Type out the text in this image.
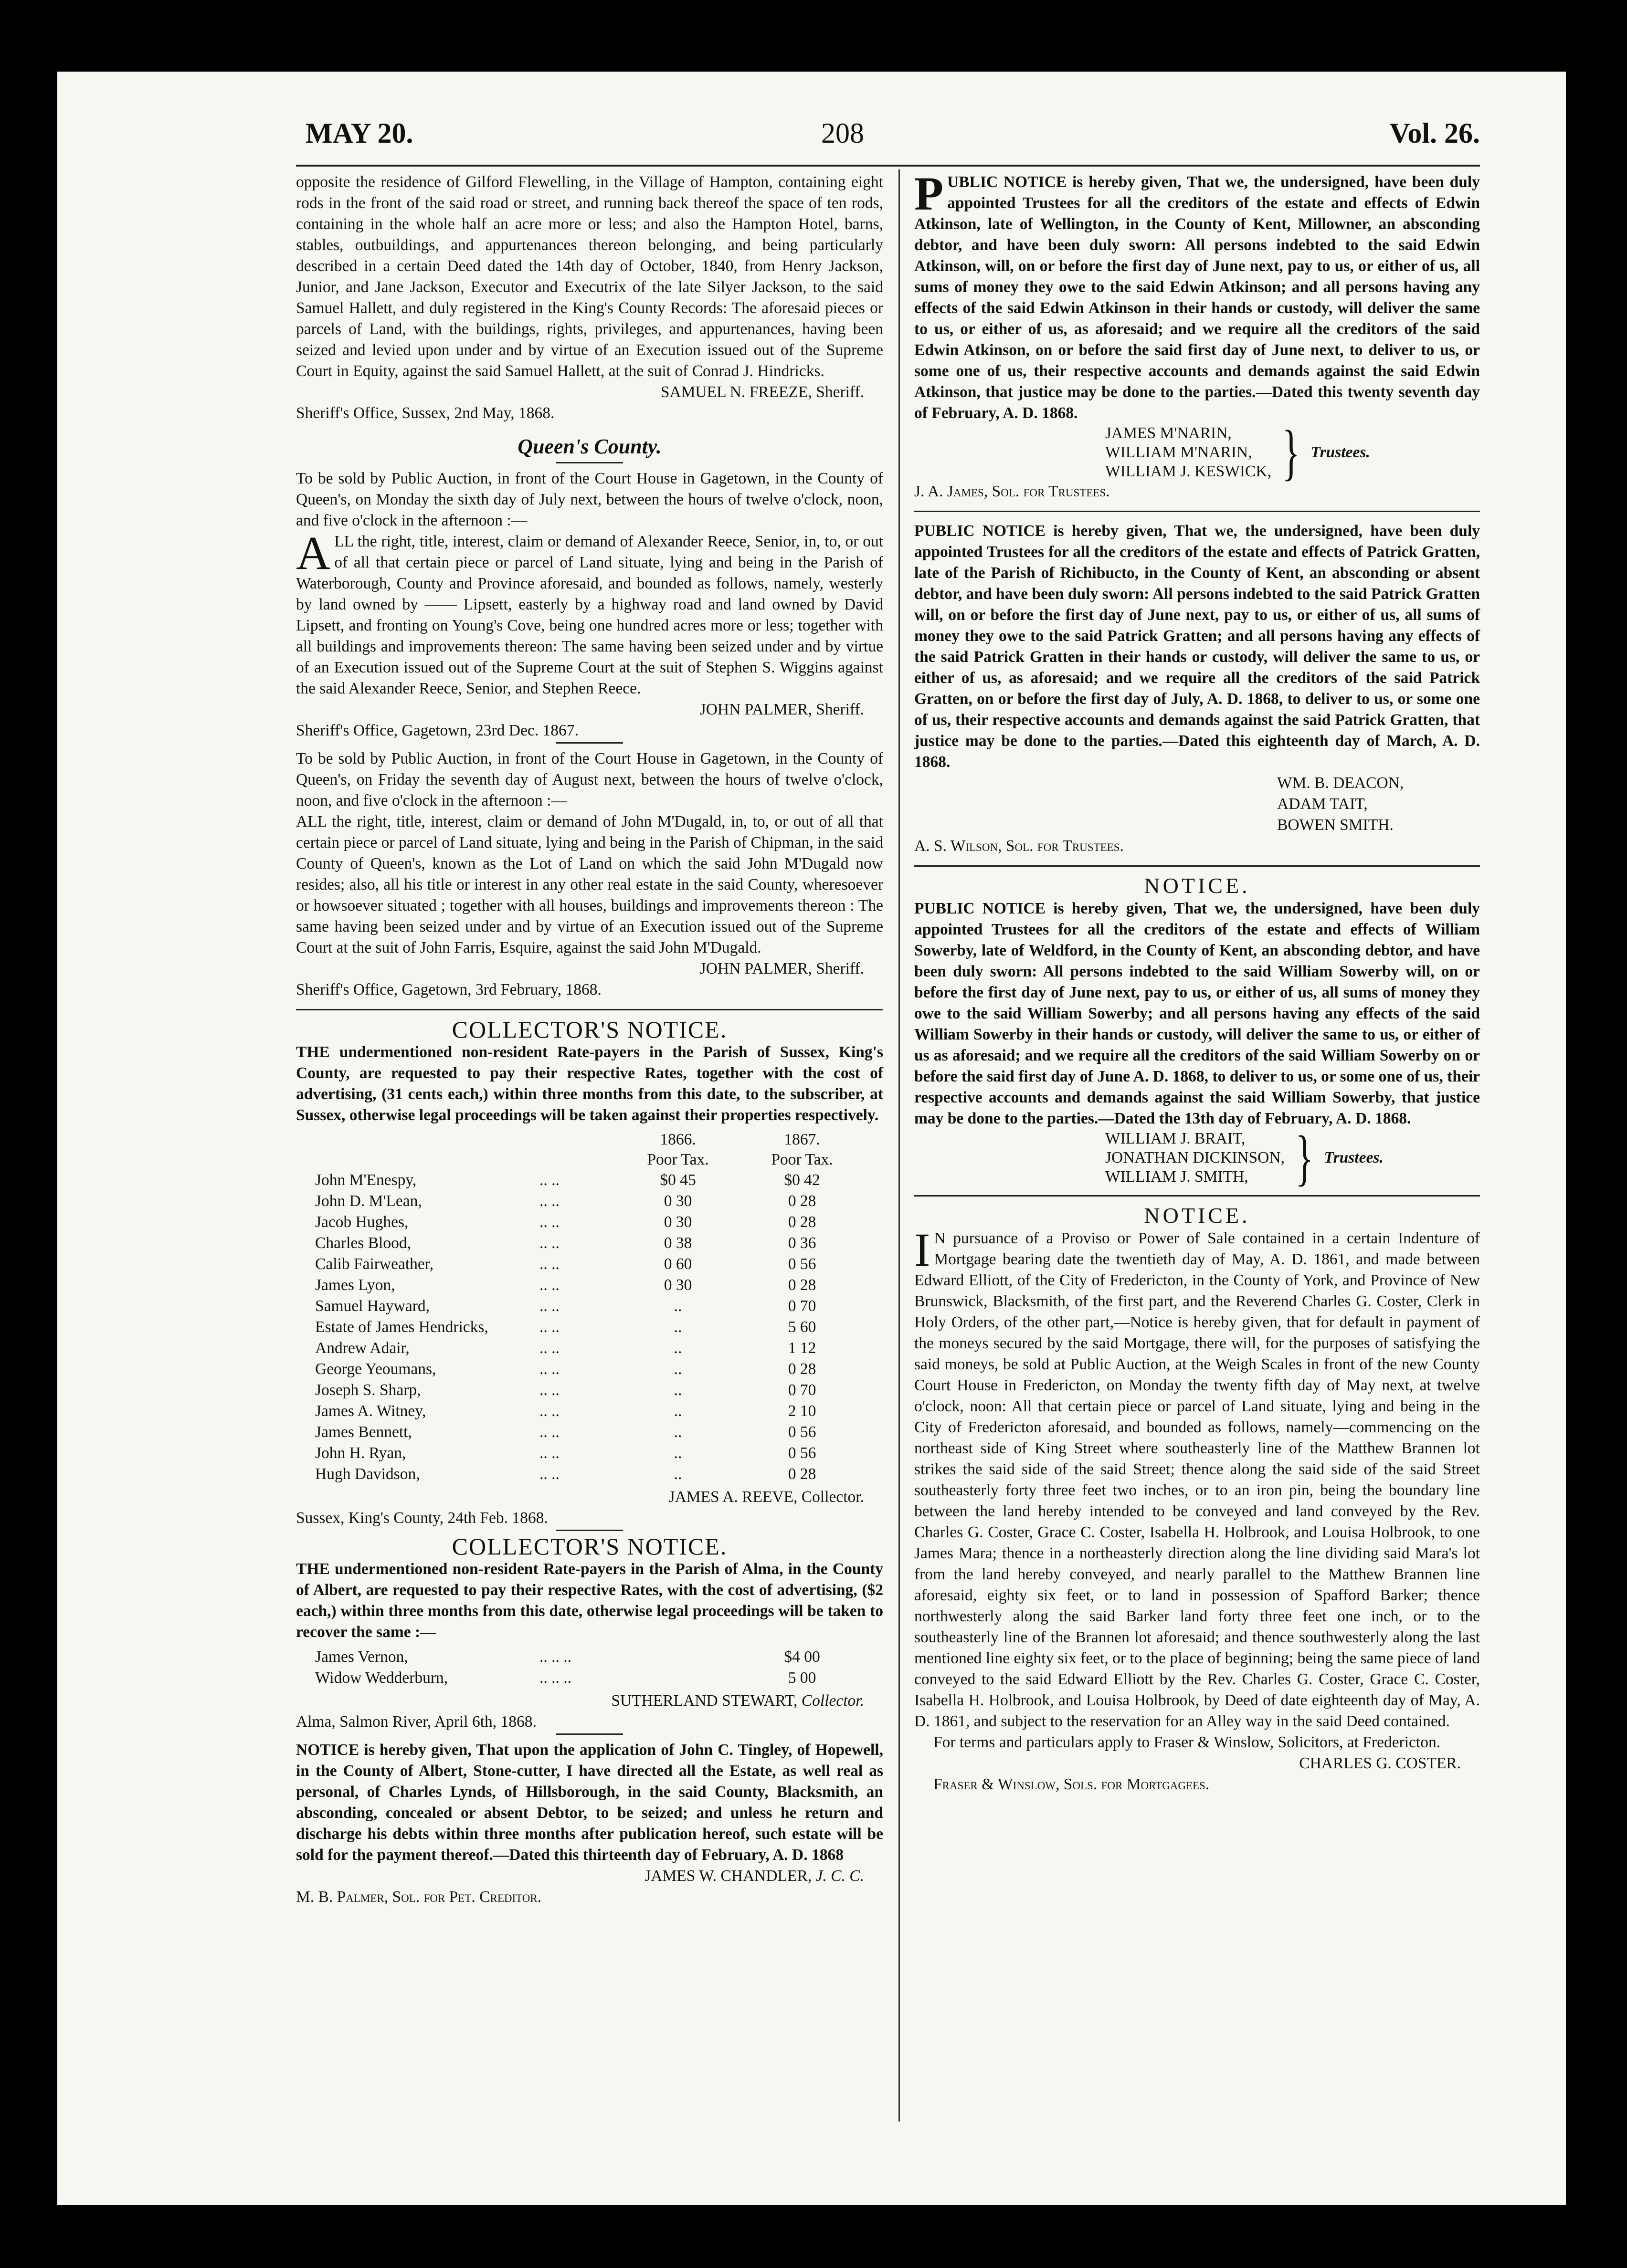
MAY 20.	208	Vol. 26.

opposite the residence of Gilford Flewelling, in the Village of Hampton, containing eight rods in the front of the said road or street, and running back thereof the space of ten rods, containing in the whole half an acre more or less; and also the Hampton Hotel, barns, stables, outbuildings, and appurtenances thereon belonging, and being particularly described in a certain Deed dated the 14th day of October, 1840, from Henry Jackson, Junior, and Jane Jackson, Executor and Executrix of the late Silyer Jackson, to the said Samuel Hallett, and duly registered in the King's County Records: The aforesaid pieces or parcels of Land, with the buildings, rights, privileges, and appurtenances, having been seized and levied upon under and by virtue of an Execution issued out of the Supreme Court in Equity, against the said Samuel Hallett, at the suit of Conrad J. Hindricks.

SAMUEL N. FREEZE, Sheriff.

Sheriff's Office, Sussex, 2nd May, 1868.

Queen's County.

To be sold by Public Auction, in front of the Court House in Gagetown, in the County of Queen's, on Monday the sixth day of July next, between the hours of twelve o'clock, noon, and five o'clock in the afternoon :—

ALL the right, title, interest, claim or demand of Alexander Reece, Senior, in, to, or out of all that certain piece or parcel of Land situate, lying and being in the Parish of Waterborough, County and Province aforesaid, and bounded as follows, namely, westerly by land owned by —— Lipsett, easterly by a highway road and land owned by David Lipsett, and fronting on Young's Cove, being one hundred acres more or less; together with all buildings and improvements thereon: The same having been seized under and by virtue of an Execution issued out of the Supreme Court at the suit of Stephen S. Wiggins against the said Alexander Reece, Senior, and Stephen Reece.

JOHN PALMER, Sheriff.

Sheriff's Office, Gagetown, 23rd Dec. 1867.

To be sold by Public Auction, in front of the Court House in Gagetown, in the County of Queen's, on Friday the seventh day of August next, between the hours of twelve o'clock, noon, and five o'clock in the afternoon :—

ALL the right, title, interest, claim or demand of John M'Dugald, in, to, or out of all that certain piece or parcel of Land situate, lying and being in the Parish of Chipman, in the said County of Queen's, known as the Lot of Land on which the said John M'Dugald now resides; also, all his title or interest in any other real estate in the said County, wheresoever or howsoever situated ; together with all houses, buildings and improvements thereon : The same having been seized under and by virtue of an Execution issued out of the Supreme Court at the suit of John Farris, Esquire, against the said John M'Dugald.

JOHN PALMER, Sheriff.

Sheriff's Office, Gagetown, 3rd February, 1868.

COLLECTOR'S NOTICE.

THE undermentioned non-resident Rate-payers in the Parish of Sussex, King's County, are requested to pay their respective Rates, together with the cost of advertising, (31 cents each,) within three months from this date, to the subscriber, at Sussex, otherwise legal proceedings will be taken against their properties respectively.

		1866.	1867.
		Poor Tax.	Poor Tax.
John M'Enespy,	.. ..	$0 45	$0 42
John D. M'Lean,	.. ..	0 30	0 28
Jacob Hughes,	.. ..	0 30	0 28
Charles Blood,	.. ..	0 38	0 36
Calib Fairweather,	.. ..	0 60	0 56
James Lyon,	.. ..	0 30	0 28
Samuel Hayward,	.. ..	..	0 70
Estate of James Hendricks,	.. ..	..	5 60
Andrew Adair,	.. ..	..	1 12
George Yeoumans,	.. ..	..	0 28
Joseph S. Sharp,	.. ..	..	0 70
James A. Witney,	.. ..	..	2 10
James Bennett,	.. ..	..	0 56
John H. Ryan,	.. ..	..	0 56
Hugh Davidson,	.. ..	..	0 28

JAMES A. REEVE, Collector.

Sussex, King's County, 24th Feb. 1868.

COLLECTOR'S NOTICE.

THE undermentioned non-resident Rate-payers in the Parish of Alma, in the County of Albert, are requested to pay their respective Rates, with the cost of advertising, ($2 each,) within three months from this date, otherwise legal proceedings will be taken to recover the same :—

James Vernon,	.. .. ..	$4 00
Widow Wedderburn,	.. .. ..	5 00

SUTHERLAND STEWART, Collector.

Alma, Salmon River, April 6th, 1868.

NOTICE is hereby given, That upon the application of John C. Tingley, of Hopewell, in the County of Albert, Stone-cutter, I have directed all the Estate, as well real as personal, of Charles Lynds, of Hillsborough, in the said County, Blacksmith, an absconding, concealed or absent Debtor, to be seized; and unless he return and discharge his debts within three months after publication hereof, such estate will be sold for the payment thereof.—Dated this thirteenth day of February, A. D. 1868

JAMES W. CHANDLER, J. C. C.

M. B. Palmer, Sol. for Pet. Creditor.

PUBLIC NOTICE is hereby given, That we, the undersigned, have been duly appointed Trustees for all the creditors of the estate and effects of Edwin Atkinson, late of Wellington, in the County of Kent, Millowner, an absconding debtor, and have been duly sworn: All persons indebted to the said Edwin Atkinson, will, on or before the first day of June next, pay to us, or either of us, all sums of money they owe to the said Edwin Atkinson; and all persons having any effects of the said Edwin Atkinson in their hands or custody, will deliver the same to us, or either of us, as aforesaid; and we require all the creditors of the said Edwin Atkinson, on or before the said first day of June next, to deliver to us, or some one of us, their respective accounts and demands against the said Edwin Atkinson, that justice may be done to the parties.—Dated this twenty seventh day of February, A. D. 1868.

JAMES M'NARIN,
WILLIAM M'NARIN,
WILLIAM J. KESWICK, } Trustees.

J. A. James, Sol. for Trustees.

PUBLIC NOTICE is hereby given, That we, the undersigned, have been duly appointed Trustees for all the creditors of the estate and effects of Patrick Gratten, late of the Parish of Richibucto, in the County of Kent, an absconding or absent debtor, and have been duly sworn: All persons indebted to the said Patrick Gratten will, on or before the first day of June next, pay to us, or either of us, all sums of money they owe to the said Patrick Gratten; and all persons having any effects of the said Patrick Gratten in their hands or custody, will deliver the same to us, or either of us, as aforesaid; and we require all the creditors of the said Patrick Gratten, on or before the first day of July, A. D. 1868, to deliver to us, or some one of us, their respective accounts and demands against the said Patrick Gratten, that justice may be done to the parties.—Dated this eighteenth day of March, A. D. 1868.

WM. B. DEACON,
ADAM TAIT,
BOWEN SMITH.

A. S. Wilson, Sol. for Trustees.

NOTICE.

PUBLIC NOTICE is hereby given, That we, the undersigned, have been duly appointed Trustees for all the creditors of the estate and effects of William Sowerby, late of Weldford, in the County of Kent, an absconding debtor, and have been duly sworn: All persons indebted to the said William Sowerby will, on or before the first day of June next, pay to us, or either of us, all sums of money they owe to the said William Sowerby; and all persons having any effects of the said William Sowerby in their hands or custody, will deliver the same to us, or either of us as aforesaid; and we require all the creditors of the said William Sowerby on or before the said first day of June A. D. 1868, to deliver to us, or some one of us, their respective accounts and demands against the said William Sowerby, that justice may be done to the parties.—Dated the 13th day of February, A. D. 1868.

WILLIAM J. BRAIT,
JONATHAN DICKINSON,
WILLIAM J. SMITH, } Trustees.
NOTICE.

I N pursuance of a Proviso or Power of Sale contained in a certain Indenture of Mortgage bearing date the twentieth day of May, A. D. 1861, and made between Edward Elliott, of the City of Fredericton, in the County of York, and Province of New Brunswick, Blacksmith, of the first part, and the Reverend Charles G. Coster, Clerk in Holy Orders, of the other part,—Notice is hereby given, that for default in payment of the moneys secured by the said Mortgage, there will, for the purposes of satisfying the said moneys, be sold at Public Auction, at the Weigh Scales in front of the new County Court House in Fredericton, on Monday the twenty fifth day of May next, at twelve o'clock, noon: All that certain piece or parcel of Land situate, lying and being in the City of Fredericton aforesaid, and bounded as follows, namely—commencing on the northeast side of King Street where southeasterly line of the Matthew Brannen lot strikes the said side of the said Street; thence along the said side of the said Street southeasterly forty three feet two inches, or to an iron pin, being the boundary line between the land hereby intended to be conveyed and land conveyed by the Rev. Charles G. Coster, Grace C. Coster, Isabella H. Holbrook, and Louisa Holbrook, to one James Mara; thence in a northeasterly direction along the line dividing said Mara's lot from the land hereby conveyed, and nearly parallel to the Matthew Brannen line aforesaid, eighty six feet, or to land in possession of Spafford Barker; thence northwesterly along the said Barker land forty three feet one inch, or to the southeasterly line of the Brannen lot aforesaid; and thence southwesterly along the last mentioned line eighty six feet, or to the place of beginning; being the same piece of land conveyed to the said Edward Elliott by the Rev. Charles G. Coster, Grace C. Coster, Isabella H. Holbrook, and Louisa Holbrook, by Deed of date eighteenth day of May, A. D. 1861, and subject to the reservation for an Alley way in the said Deed contained.

For terms and particulars apply to Fraser & Winslow, Solicitors, at Fredericton.

CHARLES G. COSTER.

Fraser & Winslow, Sols. for Mortgagees.
